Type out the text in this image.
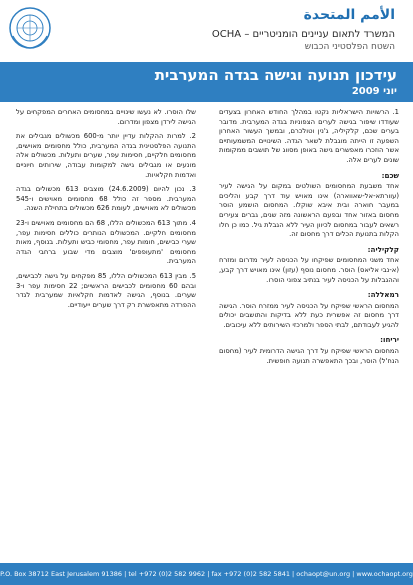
الأمم المتحدة
המשרד לתאום עניינים הומניטריים – OCHA
השטח הפלסטיני הכבוש
עידכון תנועה וגישה בגדה המערבית
יוני 2009

1. הרשויות הישראליות נקטו במהלך החודש האחרון בצעדים שעודדו שיפור בגישה לערים הצפוניות בגדה המערבית. מדובר בערים שכם, קלקיליה, ג'נין וטולכרם, ובמשך העשור האחרון השפעה זו הייתה מוגבלת לשאר הגדה. השינויים המשמעותיים אשר הוזכרו מאפשרים גישה באופן מסווג של תושבים ממקומות שונים לערים אלה.

שכם:

אחד משבעת המחסומים השולטים במקום על הגישה לעיר (עוורתא-אל-שאווארה) אינו מאויש עוד דרך קבע והליכים במעבר חוארה ובית איבא שוקלו. המחסום הושמע הוסר מחסום באזור אחד ובפעם הראשונה מזה שנים, גברים צעירים רשאים לעבור במחסום לכיוון העיר ללא הגבלת גיל. כמו כן חלו הקלות בתנועת הכלים דרך מחסום זה.

קלקיליה:

אחד משני המחסומים שפיקחו על הכניסה לעיר מדרום ומזרח (א-נבי אליאס) הוסר. מחסום נוסף (עזון) אינו מאויש דרך קבע, וההגבלות על הכניסה לעיר בנתיב צפוני הוסרו.

רמאללה:

המחסום הראשי שפיקח על הכניסה לעיר ממזרח הוסר. הגישה דרך מחסום זה אפשרית כעת ללא בדיקות והתושבים יכולים להגיע לעבודתם, לבתי הספר ולמרכזי השירותים ללא עיכובים.

יריחו:

המחסום הראשי שפיקח על דרך הגישה הדרומית לעיר (מחסום הנח'ל) הוסר, ובכך התאפשרה תנועה חופשית.

שלו הוסרו. לא נעשו שינויים במחסומים האחרים המפקחים על הגישה לירדן מצפון ומדרום.

2. למרות ההקלות עדיין יותר מ-600 מכשולים מגבילים את התנועה הפלסטינית בגדה המערבית, כולל מחסומים מאוישים, מחסומים חלקיים, חסימות עפר, שערים ותעלות. מכשולים אלה מונעים או מגבילים גישה למקומות עבודה, שירותים חיוניים ואדמות חקלאיות.

3. נכון להיום (24.6.2009) מוצבים 613 מכשולים בגדה המערבית. מספר זה כולל 68 מחסומים מאוישים ו-545 מכשולים לא מאוישים, לעומת 626 מכשולים בתחילת השנה.

4. מתוך 613 המכשולים הללו, 68 הם מחסומים מאוישים ו-23 מחסומים חלקיים. המכשולים הנותרים כוללים חסימות עפר, שערי כבישים, חומות עפר, מחסומי כביש ותעלות. בנוסף, מאות מחסומים 'מתעופפים' מוצבים מדי שבוע ברחבי הגדה המערבית.

5. מבין 613 המכשולים הללו, 85 מפקחים על גישה לכבישים, ובהם 60 מחסומים לכבישים הראשיים; 22 חסימות עפר ו-3 שערים. בנוסף, הגישה לאדמות חקלאיות שמערבית לגדר ההפרדה מתאפשרת רק דרך שערים ייעודיים.

P.O. Box 38712 East Jerusalem 91386 | tel +972 (0)2 582 9962 | fax +972 (0)2 582 5841 | ochaopt@un.org | www.ochaopt.org
